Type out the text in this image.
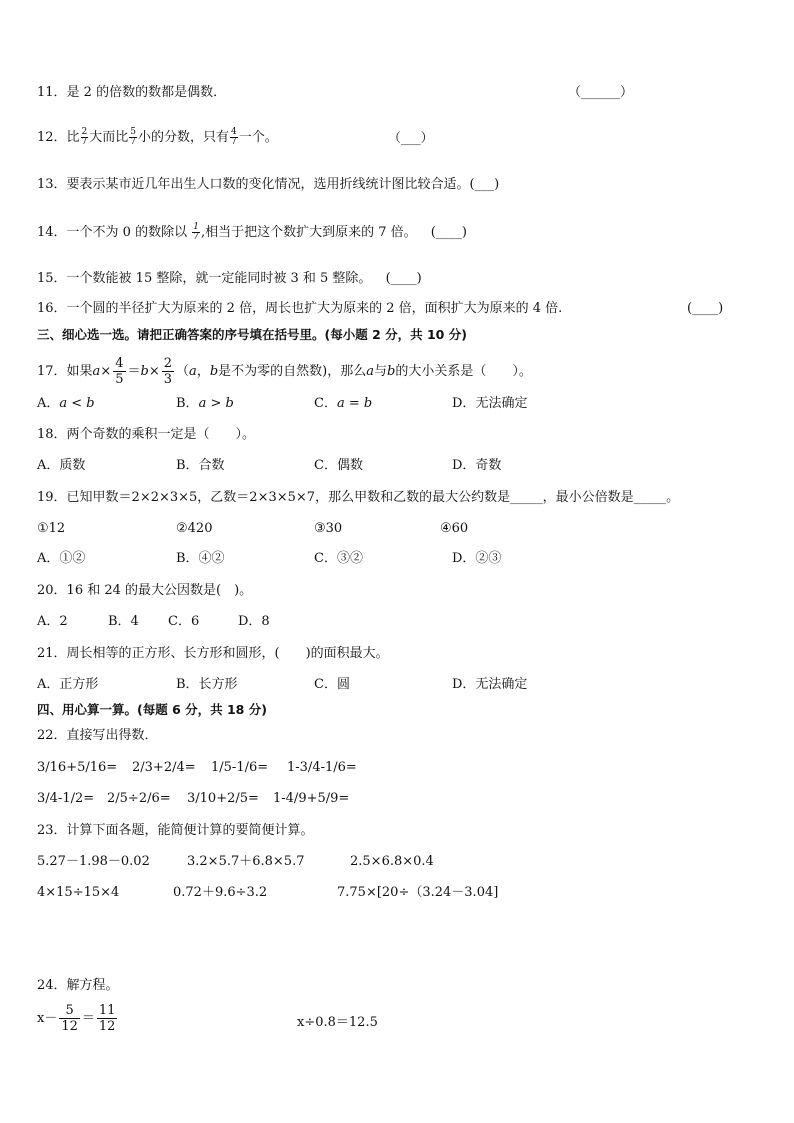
11．是 2 的倍数的数都是偶数．	（______）
12．比 $\frac{2}{7}$ 大而比 $\frac{5}{7}$ 小的分数，只有 $\frac{4}{7}$ 一个。	（___）
13．要表示某市近几年出生人口数的变化情况，选用折线统计图比较合适。(___)
14．一个不为 0 的数除以 $\frac{1}{7}$ ,相当于把这个数扩大到原来的 7 倍。 (____)
15．一个数能被 15 整除，就一定能同时被 3 和 5 整除。 (____)
16．一个圆的半径扩大为原来的 2 倍，周长也扩大为原来的 2 倍，面积扩大为原来的 4 倍.	(____)
三、细心选一选。请把正确答案的序号填在括号里。(每小题 2 分，共 10 分)
17．如果$a\times \frac{4}{5} =b\times \frac{2}{3} (a$，b是不为零的自然数)，那么a与b的大小关系是（　　）。
A．a < b	B．a > b	C．a = b	D．无法确定
18．两个奇数的乘积一定是（　　）。
A．质数	B．合数	C．偶数	D．奇数
19．已知甲数＝2×2×3×5，乙数＝2×3×5×7，那么甲数和乙数的最大公约数是_____，最小公倍数是_____。
①12	②420	③30	④60
A．①②	B．④②	C．③②	D．②③
20．16 和 24 的最大公因数是(　)。
A．2	B．4 C．6	D．8
21．周长相等的正方形、长方形和圆形，(　　)的面积最大。
A．正方形	B．长方形	C．圆	D．无法确定
四、用心算一算。(每题 6 分，共 18 分)
22．直接写出得数．
3/16+5/16= 2/3+2/4= 1/5-1/6= 1-3/4-1/6=
3/4-1/2= 2/5÷2/6= 3/10+2/5= 1-4/9+5/9=
23．计算下面各题，能简便计算的要简便计算。
5.27－1.98－0.02	3.2×5.7＋6.8×5.7	2.5×6.8×0.4
4×15÷15×4	0.72＋9.6÷3.2	7.75×[20÷（3.24－3.04]
24．解方程。
$x- \frac{5}{12} = \frac{11}{12}$	x÷0.8＝12.5
